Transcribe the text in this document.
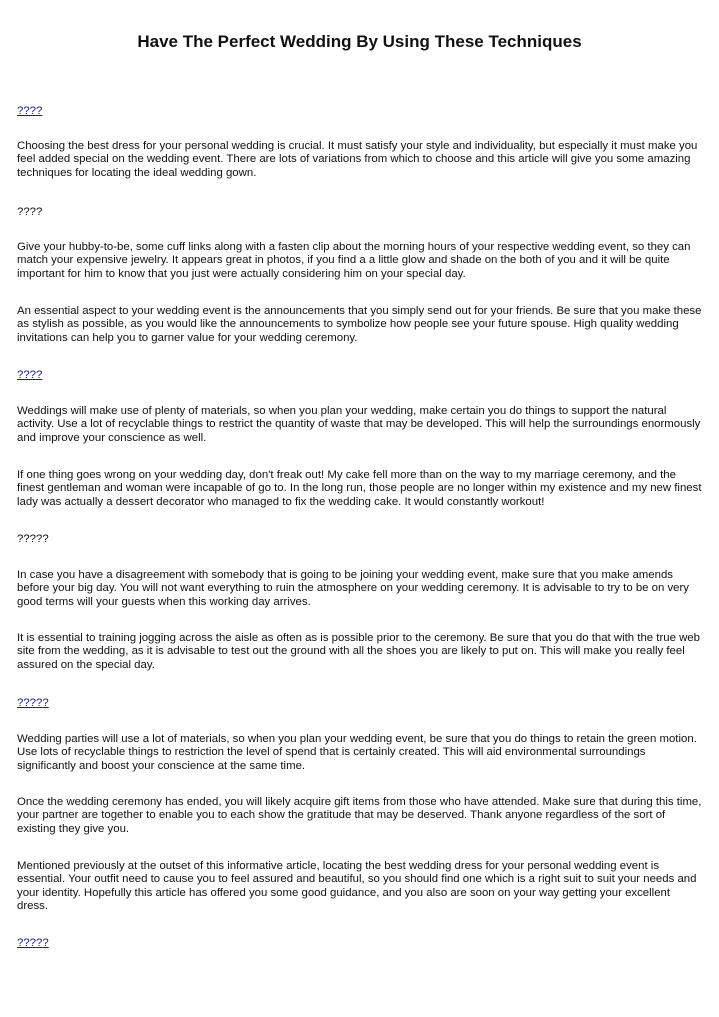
Have The Perfect Wedding By Using These Techniques
????

Choosing the best dress for your personal wedding is crucial. It must satisfy your style and individuality, but especially it must make you feel added special on the wedding event. There are lots of variations from which to choose and this article will give you some amazing techniques for locating the ideal wedding gown.

????

Give your hubby-to-be, some cuff links along with a fasten clip about the morning hours of your respective wedding event, so they can match your expensive jewelry. It appears great in photos, if you find a a little glow and shade on the both of you and it will be quite important for him to know that you just were actually considering him on your special day.

An essential aspect to your wedding event is the announcements that you simply send out for your friends. Be sure that you make these as stylish as possible, as you would like the announcements to symbolize how people see your future spouse. High quality wedding invitations can help you to garner value for your wedding ceremony.

????

Weddings will make use of plenty of materials, so when you plan your wedding, make certain you do things to support the natural activity. Use a lot of recyclable things to restrict the quantity of waste that may be developed. This will help the surroundings enormously and improve your conscience as well.

If one thing goes wrong on your wedding day, don't freak out! My cake fell more than on the way to my marriage ceremony, and the finest gentleman and woman were incapable of go to. In the long run, those people are no longer within my existence and my new finest lady was actually a dessert decorator who managed to fix the wedding cake. It would constantly workout!

?????

In case you have a disagreement with somebody that is going to be joining your wedding event, make sure that you make amends before your big day. You will not want everything to ruin the atmosphere on your wedding ceremony. It is advisable to try to be on very good terms will your guests when this working day arrives.

It is essential to training jogging across the aisle as often as is possible prior to the ceremony. Be sure that you do that with the true web site from the wedding, as it is advisable to test out the ground with all the shoes you are likely to put on. This will make you really feel assured on the special day.

?????

Wedding parties will use a lot of materials, so when you plan your wedding event, be sure that you do things to retain the green motion. Use lots of recyclable things to restriction the level of spend that is certainly created. This will aid environmental surroundings significantly and boost your conscience at the same time.

Once the wedding ceremony has ended, you will likely acquire gift items from those who have attended. Make sure that during this time, your partner are together to enable you to each show the gratitude that may be deserved. Thank anyone regardless of the sort of existing they give you.

Mentioned previously at the outset of this informative article, locating the best wedding dress for your personal wedding event is essential. Your outfit need to cause you to feel assured and beautiful, so you should find one which is a right suit to suit your needs and your identity. Hopefully this article has offered you some good guidance, and you also are soon on your way getting your excellent dress.

?????
